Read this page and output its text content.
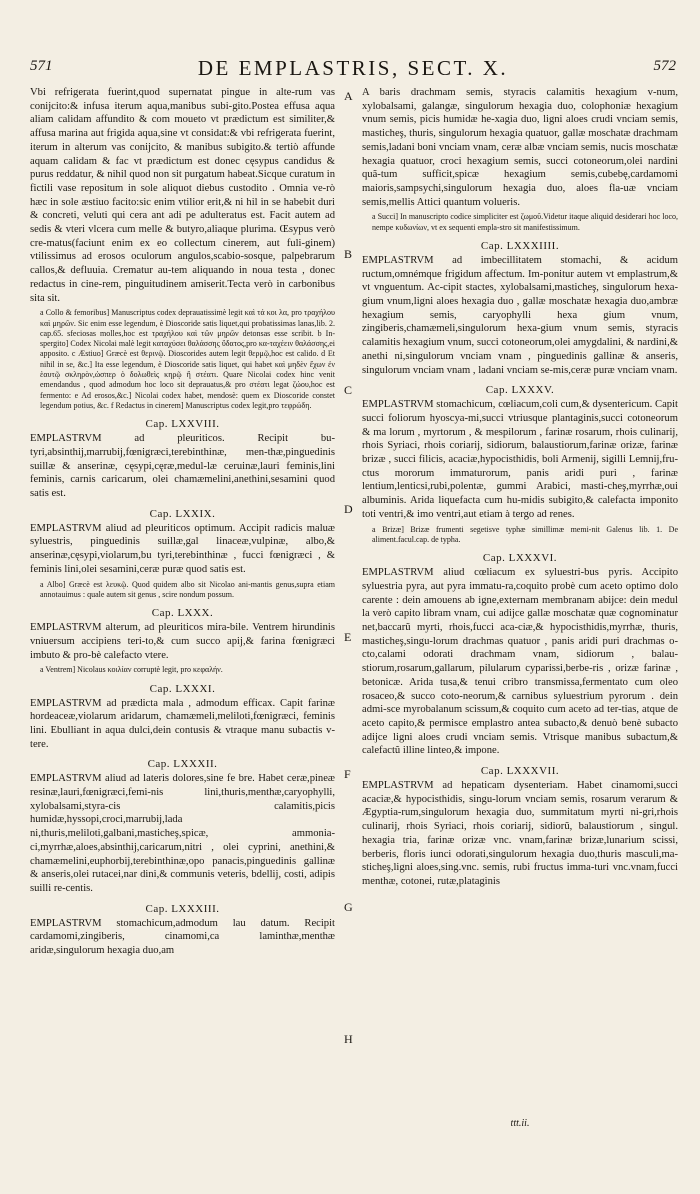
571	DE EMPLASTRIS, SECT. X.	572
A
B
C
D
E
F
G
H

Vbi refrigerata fuerint,quod supernatat pingue in alte-rum vas conijcito:& infusa iterum aqua,manibus subi-gito.Postea effusa aqua aliam calidam affundito & com moueto vt prædictum est similiter,& affusa marina aut frigida aqua,sine vt considat:& vbi refrigerata fuerint, iterum in alterum vas conijcito, & manibus subigito.& tertiò affunde aquam calidam & fac vt prædictum est donec cęsypus candidus & purus reddatur, & nihil quod non sit purgatum habeat.Sicque curatum in fictili vase repositum in sole aliquot diebus custodito . Omnia ve-rò hæc in sole æstiuo facito:sic enim vtilior erit,& ni hil in se habebit duri & concreti, veluti qui cera ant adi pe adulteratus est. Facit autem ad sedis & vteri vlcera cum melle & butyro,aliaque plurima. Œsypus verò cre-matus(faciunt enim ex eo collectum cinerem, aut fuli-ginem) vtilissimus ad erosos oculorum angulos,scabio-sosque, palpebrarum callos,& defluuia. Crematur au-tem aliquando in noua testa , donec redactus in cine-rem, pinguitudinem amiserit.Tecta verò in carbonibus sita sit.

a Collo & femoribus] Manuscriptus codex deprauatissimè legit καὶ τά κοι λα, pro τραχήλου καὶ μηρῶν. Sic enim esse legendum, è Dioscoride satis liquet,qui probatissimas lanas,lib. 2. cap.65. sfeciosas molles,hoc est τραχήλου καὶ τῶν μηρῶν detonsas esse scribit. b In-spergito] Codex Nicolai malè legit καταχύσει θαλάσσης ὕδατος,pro κα-ταχέειν θαλάσσης,ei apposito. c Æstiuo] Græcè est θερινῷ. Dioscorides autem legit θερμῷ,hoc est calido. d Et nihil in se, &c.] Ita esse legendum, è Dioscoride satis liquet, qui habet καὶ μηδὲν ἔχων ἐν ἑαυτῷ σκληρὸν,ὡσπερ ὁ δολωθεὶς κηρῷ ἢ στέατι. Quare Nicolai codex hinc venit emendandus , quod admodum hoc loco sit deprauatus,& pro στέατι legat ζώου,hoc est fermento: e Ad erosos,&c.] Nicolai codex habet, mendosè: quem ex Dioscoride constet legendum potius, &c. f Redactus in cinerem] Manuscriptus codex legit,pro τεφρώδη.

Cap. LXXVIII.

EMPLASTRVM ad pleuriticos. Recipit bu-tyri,absinthij,marrubij,fœnigræci,terebinthinæ, men-thæ,pinguedinis suillæ & anserinæ, cęsypi,cęræ,medul-læ ceruinæ,lauri feminis,lini feminis, carnis caricarum, olei chamæmelini,anethini,sesamini quod satis est.

Cap. LXXIX.

EMPLASTRVM aliud ad pleuriticos optimum. Accipit radicis maluæ syluestris, pinguedinis suillæ,gal linaceæ,vulpinæ, albo,& anserinæ,cęsypi,violarum,bu tyri,terebinthinæ , fucci fœnigræci , & feminis lini,olei sesamini,ceræ puræ quod satis est.

a Albo] Græcè est λευκῷ. Quod quidem albo sit Nicolao ani-mantis genus,supra etiam annotauimus : quale autem sit genus , scire nondum possum.

Cap. LXXX.

EMPLASTRVM alterum, ad pleuriticos mira-bile. Ventrem hirundinis vniuersum accipiens teri-to,& cum succo apij,& farina fœnigræci imbuto & pro-bè calefacto vtere.

a Ventrem] Nicolaus κοιλίαν corruptè legit, pro κεφαλήν.

Cap. LXXXI.

EMPLASTRVM ad prædicta mala , admodum efficax. Capit farinæ hordeaceæ,violarum aridarum, chamæmeli,meliloti,fœnigræci, feminis lini. Ebulliant in aqua dulci,dein contusis & vtraque manu subactis v-tere.

Cap. LXXXII.

EMPLASTRVM aliud ad lateris dolores,sine fe bre. Habet ceræ,pineæ resinæ,lauri,fœnigræci,femi-nis lini,thuris,menthæ,caryophylli, xylobalsami,styra-cis calamitis,picis humidæ,hyssopi,croci,marrubij,lada ni,thuris,meliloti,galbani,masticheş,spicæ, ammonia-ci,myrrhæ,aloes,absinthij,caricarum,nitri , olei cyprini, anethini,& chamæmelini,euphorbij,terebinthinæ,opo panacis,pinguedinis gallinæ & anseris,olei rutacei,nar dini,& communis veteris, bdellij, costi, adipis suilli re-centis.

Cap. LXXXIII.

EMPLASTRVM stomachicum,admodum lau datum. Recipit cardamomi,zingiberis, cinamomi,ca laminthæ,menthæ aridæ,singulorum hexagia duo,am

A baris drachmam semis, styracis calamitis hexagium v-num, xylobalsami, galangæ, singulorum hexagia duo, colophoniæ hexagium vnum semis, picis humidæ he-xagia duo, ligni aloes crudi vnciam semis, masticheş, thuris, singulorum hexagia quatuor, gallæ moschatæ drachmam semis,ladani boni vnciam vnam, ceræ albæ vnciam semis, nucis moschatæ hexagia quatuor, croci hexagium semis, succi cotoneorum,olei nardini quã-tum sufficit,spicæ hexagium semis,cubebę,cardamomi maioris,sampsychi,singulorum hexagia duo, aloes fla-uæ vnciam semis,mellis Attici quantum volueris.

a Succi] In manuscripto codice simpliciter est ζωμοῦ.Videtur itaque aliquid desiderari hoc loco, nempe κυδωνίων, vt ex sequenti empla-stro sit manifestissimum.

Cap. LXXXIIII.

EMPLASTRVM ad imbecillitatem stomachi, & acidum ructum,omnémque frigidum affectum. Im-ponitur autem vt emplastrum,& vt vnguentum. Ac-cipit stactes, xylobalsami,masticheş, singulorum hexa-gium vnum,ligni aloes hexagia duo , gallæ moschatæ hexagia duo,ambræ hexagium semis, caryophylli hexa gium vnum, zingiberis,chamæmeli,singulorum hexa-gium vnum semis, styracis calamitis hexagium vnum, succi cotoneorum,olei amygdalini, & nardini,& anethi ni,singulorum vnciam vnam , pinguedinis gallinæ & anseris, singulorum vnciam vnam , ladani vnciam se-mis,ceræ puræ vnciam vnam.

Cap. LXXXV.

EMPLASTRVM stomachicum, cœliacum,coli cum,& dysentericum. Capit succi foliorum hyoscya-mi,succi vtriusque plantaginis,succi cotoneorum & ma lorum , myrtorum , & mespilorum , farinæ rosarum, rhois culinarij, rhois Syriaci, rhois coriarij, sidiorum, balaustiorum,farinæ orizæ, farinæ brizæ , succi filicis, acaciæ,hypocisthidis, boli Armenij, sigilli Lemnij,fru-ctus mororum immaturorum, panis aridi puri , farinæ lentium,lenticsi,rubi,polentæ, gummi Arabici, masti-cheş,myrrhæ,oui albuminis. Arida liquefacta cum hu-midis subigito,& calefacta imponito toti ventri,& imo ventri,aut etiam à tergo ad renes.

a Brizæ] Brizæ frumenti segetisve typhæ simillimæ memi-nit Galenus lib. 1. De aliment.facul.cap. de typha.

Cap. LXXXVI.

EMPLASTRVM aliud cœliacum ex syluestri-bus pyris. Accipito syluestria pyra, aut pyra immatu-ra,coquito probè cum aceto optimo dolo carente : dein amouens ab igne,externam membranam abijce: dein medul la verò capito libram vnam, cui adijce gallæ moschatæ quæ cognominatur net,baccarũ myrti, rhois,fucci aca-ciæ,& hypocisthidis,myrrhæ, thuris, masticheş,singu-lorum drachmas quatuor , panis aridi puri drachmas o-cto,calami odorati drachmam vnam, sidiorum , balau-stiorum,rosarum,gallarum, pilularum cyparissi,berbe-ris , orizæ farinæ , betonicæ. Arida tusa,& tenui cribro transmissa,fermentato cum oleo rosaceo,& succo coto-neorum,& carnibus syluestrium pyrorum . dein admi-sce myrobalanum scissum,& coquito cum aceto ad ter-tias, atque de aceto capito,& permisce emplastro antea subacto,& denuò benè subacto adijce ligni aloes crudi vnciam semis. Vtrisque manibus subactum,& calefactũ illine linteo,& impone.

Cap. LXXXVII.

EMPLASTRVM ad hepaticam dysenteriam. Habet cinamomi,succi acaciæ,& hypocisthidis, singu-lorum vnciam semis, rosarum verarum & Ægyptia-rum,singulorum hexagia duo, summitatum myrti ni-gri,rhois culinarij, rhois Syriaci, rhois coriarij, sidiorũ, balaustiorum , singul. hexagia tria, farinæ orizæ vnc. vnam,farinæ brizæ,lunarium scissi, berberis, floris iunci odorati,singulorum hexagia duo,thuris masculi,ma-sticheş,ligni aloes,sing.vnc. semis, rubi fructus imma-turi vnc.vnam,fucci menthæ, cotonei, rutæ,plataginis

ttt.ii.
